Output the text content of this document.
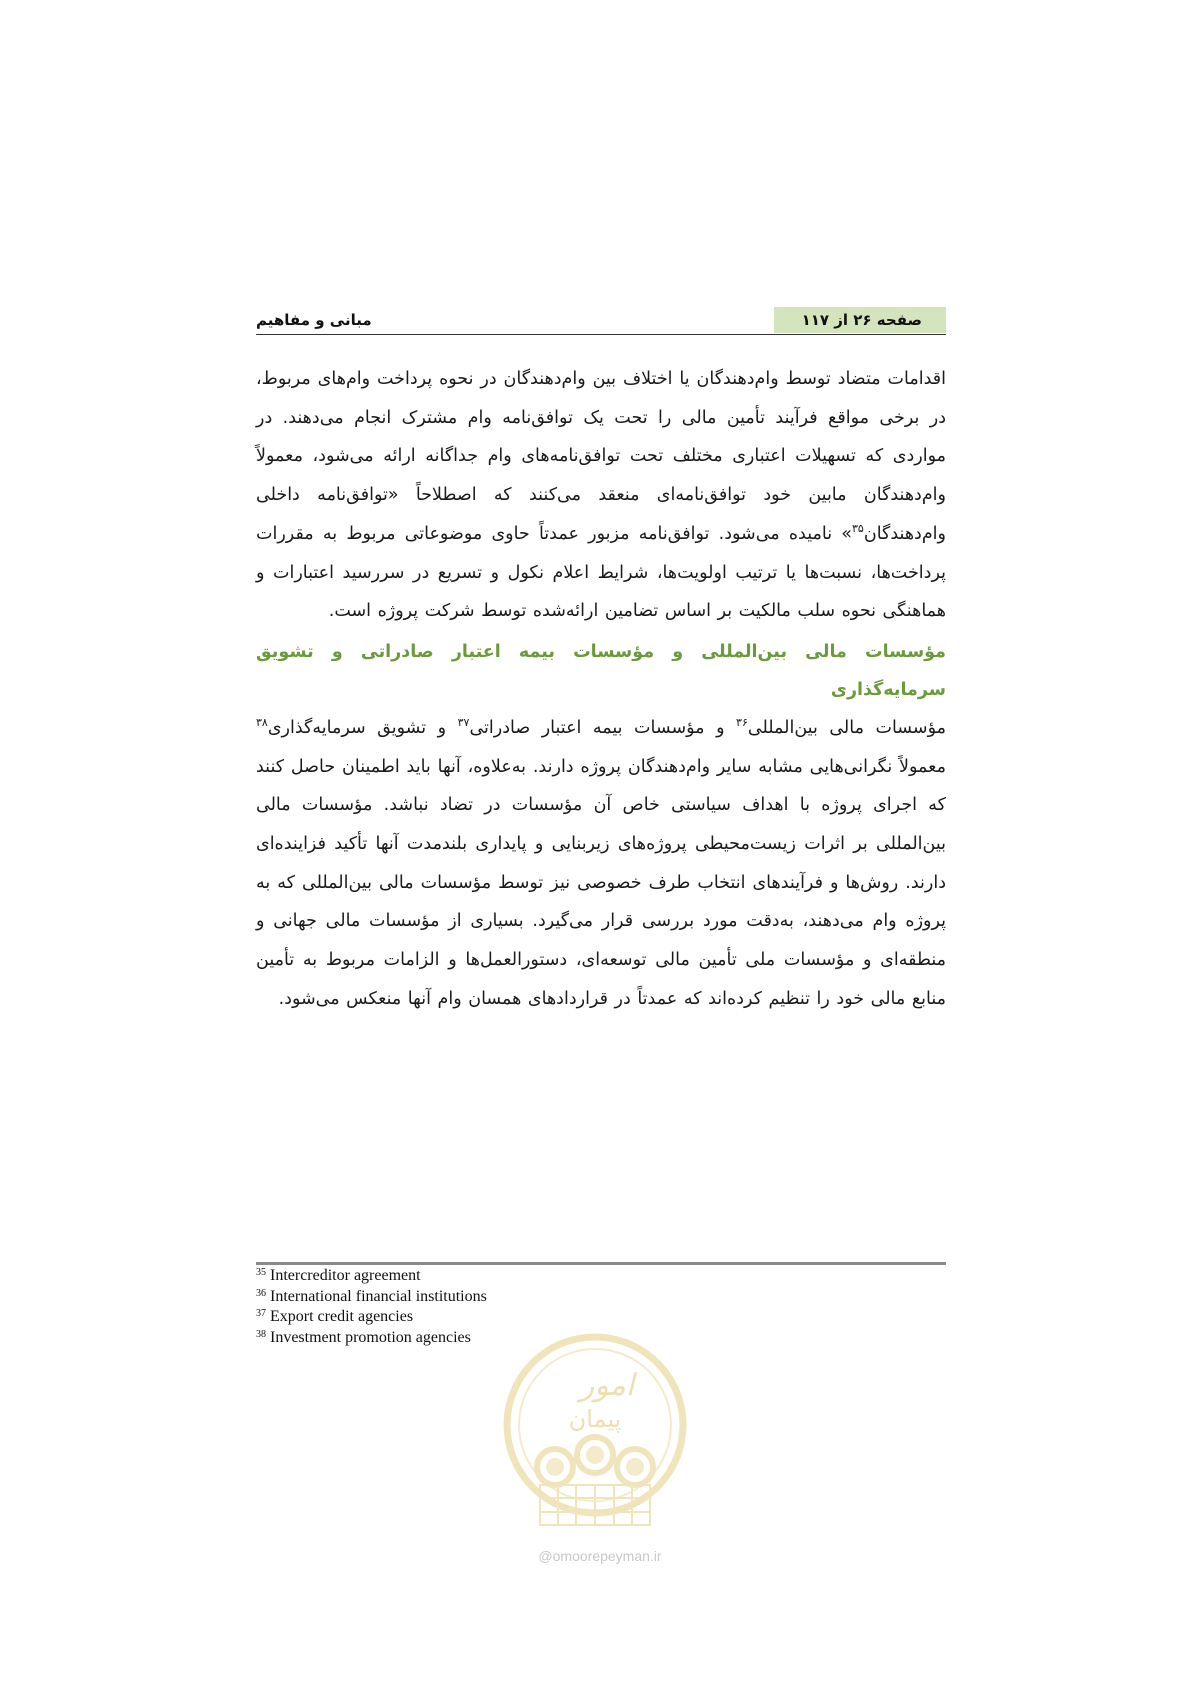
مبانی و مفاهیم	صفحه ۲۶ از ۱۱۷

اقدامات متضاد توسط وام‌دهندگان یا اختلاف بین وام‌دهندگان در نحوه پرداخت وام‌های مربوط، در برخی مواقع فرآیند تأمین مالی را تحت یک توافق‌نامه وام مشترک انجام می‌دهند. در مواردی که تسهیلات اعتباری مختلف تحت توافق‌نامه‌های وام جداگانه ارائه می‌شود، معمولاً وام‌دهندگان مابین خود توافق‌نامه‌ای منعقد می‌کنند که اصطلاحاً «توافق‌نامه داخلی وام‌دهندگان$^{۳۵}$» نامیده می‌شود. توافق‌نامه مزبور عمدتاً حاوی موضوعاتی مربوط به مقررات پرداخت‌ها، نسبت‌ها یا ترتیب اولویت‌ها، شرایط اعلام نکول و تسریع در سررسید اعتبارات و هماهنگی نحوه سلب مالکیت بر اساس تضامین ارائه‌شده توسط شرکت پروژه است.

مؤسسات مالی بین‌المللی و مؤسسات بیمه اعتبار صادراتی و تشویق سرمایه‌گذاری

مؤسسات مالی بین‌المللی$^{۳۶}$ و مؤسسات بیمه اعتبار صادراتی$^{۳۷}$ و تشویق سرمایه‌گذاری$^{۳۸}$ معمولاً نگرانی‌هایی مشابه سایر وام‌دهندگان پروژه دارند. به‌علاوه، آنها باید اطمینان حاصل کنند که اجرای پروژه با اهداف سیاستی خاص آن مؤسسات در تضاد نباشد. مؤسسات مالی بین‌المللی بر اثرات زیست‌محیطی پروژه‌های زیربنایی و پایداری بلندمدت آنها تأکید فزاینده‌ای دارند. روش‌ها و فرآیندهای انتخاب طرف خصوصی نیز توسط مؤسسات مالی بین‌المللی که به پروژه وام می‌دهند، به‌دقت مورد بررسی قرار می‌گیرد. بسیاری از مؤسسات مالی جهانی و منطقه‌ای و مؤسسات ملی تأمین مالی توسعه‌ای، دستورالعمل‌ها و الزامات مربوط به تأمین منابع مالی خود را تنظیم کرده‌اند که عمدتاً در قراردادهای همسان وام آنها منعکس می‌شود.

$^{35}$ Intercreditor agreement
$^{36}$ International financial institutions
$^{37}$ Export credit agencies
$^{38}$ Investment promotion agencies
امور
پیمان
@omoorepeyman.ir
